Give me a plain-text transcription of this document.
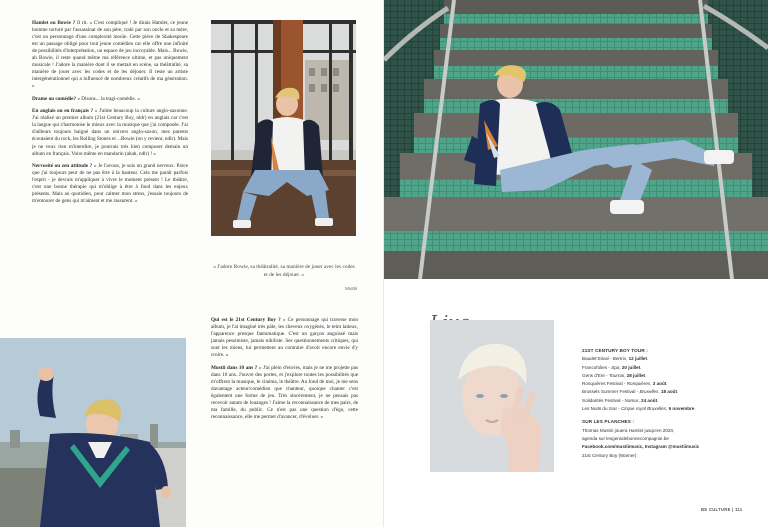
Hamlet ou Bowie ? Il rit. « C'est compliqué ! Je dirais Hamlet, ce jeune homme torturé par l'assassinat de son père, trahi par son oncle et sa mère, c'est un personnage d'une complexité inouïe. Cette pièce de Shakespeare est un passage obligé pour tout jeune comédien car elle offre une infinité de possibilités d'interprétation, un espace de jeu incroyable. Mais... Bowie, ah Bowie, il reste quand même ma référence ultime, et pas uniquement musicale ! J'adore la manière dont il se mettait en scène, sa théâtralité, sa manière de jouer avec les codes et de les déjouer. Il reste un artiste intergénérationnel qui a influencé de nombreux créatifs de ma génération. »

Drame ou comédie? « Disons... la tragi-comédie. »

En anglais ou en français ? « J'aime beaucoup la culture anglo-saxonne. J'ai réalisé un premier album (21st Century Boy, nldr) en anglais car c'est la langue qui s'harmonise le mieux avec la musique que j'ai composée. J'ai d'ailleurs toujours baigné dans un univers anglo-saxon, mes parents écoutaient du rock, les Rolling Stones et ...Bowie (on y revient, ndlr). Mais je ne veux rien m'interdire, je pourrais très bien composer demain un album en français. Voire même en mandarin (ahah, ndlr) ! »

Nervosité ou zen attitude ? « Je l'avoue, je suis un grand nerveux. Parce que j'ai toujours peur de ne pas être à la hauteur. Cela me paraît parfois l'esprit - je devrais m'appliquer à vivre le moment présent ! Le théâtre, c'est une bonne thérapie qui m'oblige à être à fond dans les enjeux présents. Mais au quotidien, pour calmer mon stress, j'essaie toujours de m'entourer de gens qui m'aiment et me rassurent. »

« J'adore Bowie, sa théâtralité, sa manière de jouer avec les codes et de les déjouer. »
Mustii

Qui est le 21st Century Boy ? « Ce personnage qui traverse mon album, je l'ai imaginé très pâle, les cheveux oxygénés, le teint laiteux, l'apparence presque fantomatique. C'est un garçon angoissé mais jamais pessimiste, jamais nihiliste. Ses questionnements critiques, qui sont les miens, lui permettent au contraire d'avoir encore envie d'y croire. »

Mustii dans 10 ans ? « J'ai plein d'envies, mais je ne me projette pas dans 10 ans. J'ouvre des portes, et j'explore toutes les possibilités que m'offrent la musique, le cinéma, le théâtre. Au fond de moi, je me sens davantage acteur/comédien que chanteur, quoique chanter c'est également une forme de jeu. Très sincèrement, je ne pensais pas recevoir autant de louanges ! J'aime la reconnaissance de mes pairs, de ma famille, du public. Ce n'est pas une question d'égo, cette reconnaissance, elle me permet d'avancer, d'évoluer. »

21ST CENTURY BOY TOUR :
Baudet'Stival - Bertrix, 12 juillet.
Francofolies - Spa, 20 juillet.
Gens d'Ere - Tournai, 28 juillet.
Ronquières Festival - Ronquières, 3 août.
Brussels Summer Festival - Bruxelles, 18 août.
Solidarités Festival - Namur, 24 août.
Les Nuits du Soir - Cirque royal Bruxelles, 6 novembre.
SUR LES PLANCHES :
Thomas Mustin jouera Hamlet jusqu'en 2020,
agenda sur lesgensdebonnecompagnie.be
Facebook.com/mustiimusic, Instagram @mustiimusic
21st Century Boy (Warner)
BE CULTURE | 111
